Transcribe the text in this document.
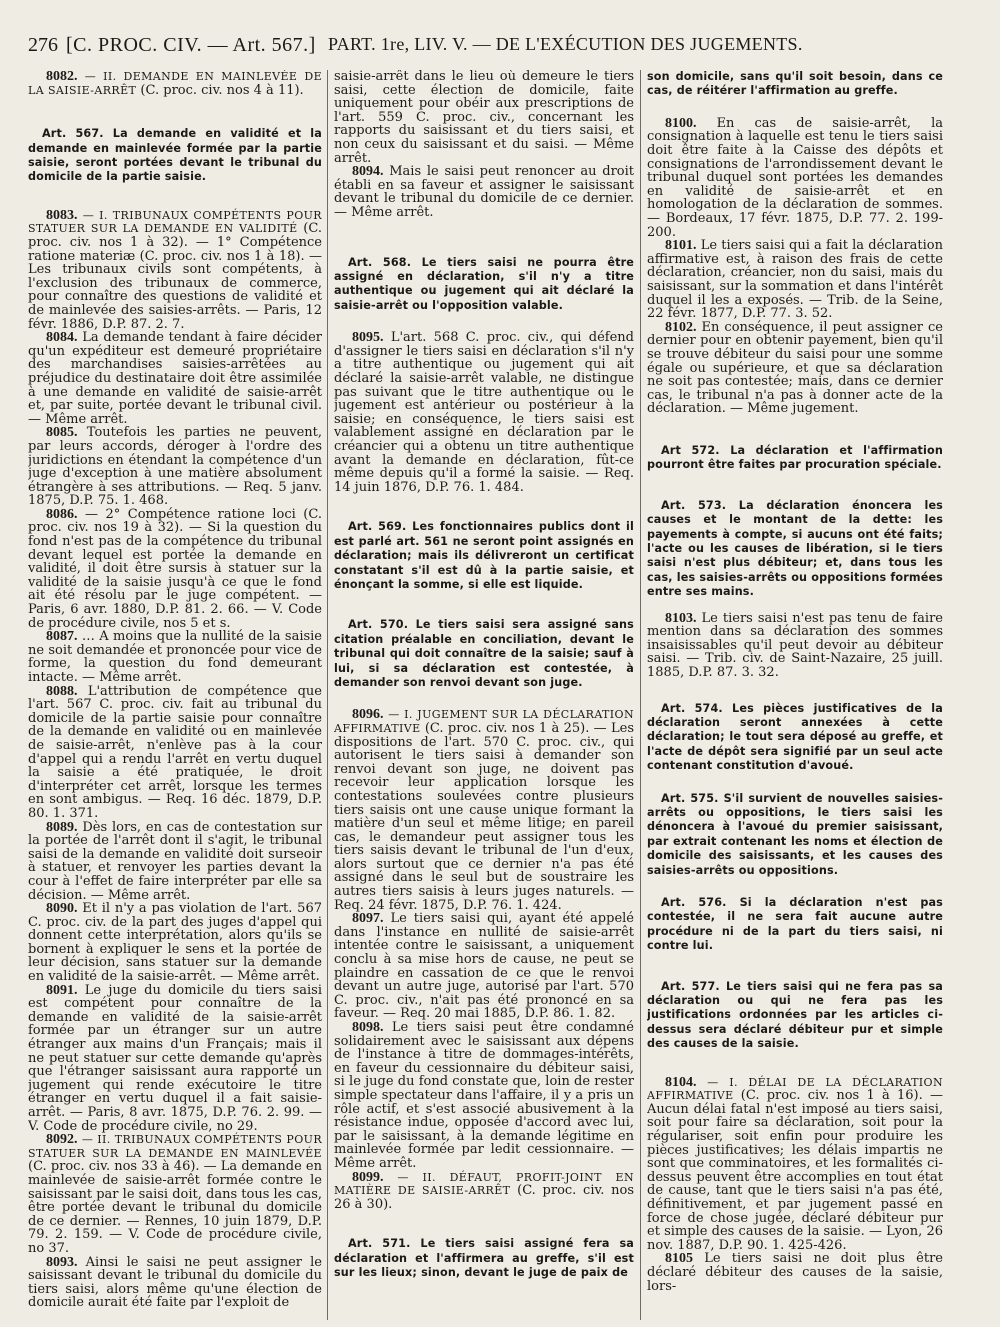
276 [C. PROC. CIV. — Art. 567.] PART. 1re, LIV. V. — DE L'EXÉCUTION DES JUGEMENTS.

8082. — II. DEMANDE EN MAINLEVÉE DE LA SAISIE-ARRÊT (C. proc. civ. nos 4 à 11).

Art. 567. La demande en validité et la demande en mainlevée formée par la partie saisie, seront portées devant le tribunal du domicile de la partie saisie.

8083. — I. TRIBUNAUX COMPÉTENTS POUR STATUER SUR LA DEMANDE EN VALIDITÉ (C. proc. civ. nos 1 à 32). — 1° Compétence ratione materiæ (C. proc. civ. nos 1 à 18). — Les tribunaux civils sont compétents, à l'exclusion des tribunaux de commerce, pour connaître des questions de validité et de mainlevée des saisies-arrêts. — Paris, 12 févr. 1886, D.P. 87. 2. 7.

8084. La demande tendant à faire décider qu'un expéditeur est demeuré propriétaire des marchandises saisies-arrêtées au préjudice du destinataire doit être assimilée à une demande en validité de saisie-arrêt et, par suite, portée devant le tribunal civil. — Même arrêt.

8085. Toutefois les parties ne peuvent, par leurs accords, déroger à l'ordre des juridictions en étendant la compétence d'un juge d'exception à une matière absolument étrangère à ses attributions. — Req. 5 janv. 1875, D.P. 75. 1. 468.

8086. — 2° Compétence ratione loci (C. proc. civ. nos 19 à 32). — Si la question du fond n'est pas de la compétence du tribunal devant lequel est portée la demande en validité, il doit être sursis à statuer sur la validité de la saisie jusqu'à ce que le fond ait été résolu par le juge compétent. — Paris, 6 avr. 1880, D.P. 81. 2. 66. — V. Code de procédure civile, nos 5 et s.

8087. … A moins que la nullité de la saisie ne soit demandée et prononcée pour vice de forme, la question du fond demeurant intacte. — Même arrêt.

8088. L'attribution de compétence que l'art. 567 C. proc. civ. fait au tribunal du domicile de la partie saisie pour connaître de la demande en validité ou en mainlevée de saisie-arrêt, n'enlève pas à la cour d'appel qui a rendu l'arrêt en vertu duquel la saisie a été pratiquée, le droit d'interpréter cet arrêt, lorsque les termes en sont ambigus. — Req. 16 déc. 1879, D.P. 80. 1. 371.

8089. Dès lors, en cas de contestation sur la portée de l'arrêt dont il s'agit, le tribunal saisi de la demande en validité doit surseoir à statuer, et renvoyer les parties devant la cour à l'effet de faire interpréter par elle sa décision. — Même arrêt.

8090. Et il n'y a pas violation de l'art. 567 C. proc. civ. de la part des juges d'appel qui donnent cette interprétation, alors qu'ils se bornent à expliquer le sens et la portée de leur décision, sans statuer sur la demande en validité de la saisie-arrêt. — Même arrêt.

8091. Le juge du domicile du tiers saisi est compétent pour connaître de la demande en validité de la saisie-arrêt formée par un étranger sur un autre étranger aux mains d'un Français; mais il ne peut statuer sur cette demande qu'après que l'étranger saisissant aura rapporté un jugement qui rende exécutoire le titre étranger en vertu duquel il a fait saisie-arrêt. — Paris, 8 avr. 1875, D.P. 76. 2. 99. — V. Code de procédure civile, no 29.

8092. — II. TRIBUNAUX COMPÉTENTS POUR STATUER SUR LA DEMANDE EN MAINLEVÉE (C. proc. civ. nos 33 à 46). — La demande en mainlevée de saisie-arrêt formée contre le saisissant par le saisi doit, dans tous les cas, être portée devant le tribunal du domicile de ce dernier. — Rennes, 10 juin 1879, D.P. 79. 2. 159. — V. Code de procédure civile, no 37.

8093. Ainsi le saisi ne peut assigner le saisissant devant le tribunal du domicile du tiers saisi, alors même qu'une élection de domicile aurait été faite par l'exploit de

saisie-arrêt dans le lieu où demeure le tiers saisi, cette élection de domicile, faite uniquement pour obéir aux prescriptions de l'art. 559 C. proc. civ., concernant les rapports du saisissant et du tiers saisi, et non ceux du saisissant et du saisi. — Même arrêt.

8094. Mais le saisi peut renoncer au droit établi en sa faveur et assigner le saisissant devant le tribunal du domicile de ce dernier. — Même arrêt.

Art. 568. Le tiers saisi ne pourra être assigné en déclaration, s'il n'y a titre authentique ou jugement qui ait déclaré la saisie-arrêt ou l'opposition valable.

8095. L'art. 568 C. proc. civ., qui défend d'assigner le tiers saisi en déclaration s'il n'y a titre authentique ou jugement qui ait déclaré la saisie-arrêt valable, ne distingue pas suivant que le titre authentique ou le jugement est antérieur ou postérieur à la saisie; en conséquence, le tiers saisi est valablement assigné en déclaration par le créancier qui a obtenu un titre authentique avant la demande en déclaration, fût-ce même depuis qu'il a formé la saisie. — Req. 14 juin 1876, D.P. 76. 1. 484.

Art. 569. Les fonctionnaires publics dont il est parlé art. 561 ne seront point assignés en déclaration; mais ils délivreront un certificat constatant s'il est dû à la partie saisie, et énonçant la somme, si elle est liquide.
Art. 570. Le tiers saisi sera assigné sans citation préalable en conciliation, devant le tribunal qui doit connaître de la saisie; sauf à lui, si sa déclaration est contestée, à demander son renvoi devant son juge.

8096. — I. JUGEMENT SUR LA DÉCLARATION AFFIRMATIVE (C. proc. civ. nos 1 à 25). — Les dispositions de l'art. 570 C. proc. civ., qui autorisent le tiers saisi à demander son renvoi devant son juge, ne doivent pas recevoir leur application lorsque les contestations soulevées contre plusieurs tiers saisis ont une cause unique formant la matière d'un seul et même litige; en pareil cas, le demandeur peut assigner tous les tiers saisis devant le tribunal de l'un d'eux, alors surtout que ce dernier n'a pas été assigné dans le seul but de soustraire les autres tiers saisis à leurs juges naturels. — Req. 24 févr. 1875, D.P. 76. 1. 424.

8097. Le tiers saisi qui, ayant été appelé dans l'instance en nullité de saisie-arrêt intentée contre le saisissant, a uniquement conclu à sa mise hors de cause, ne peut se plaindre en cassation de ce que le renvoi devant un autre juge, autorisé par l'art. 570 C. proc. civ., n'ait pas été prononcé en sa faveur. — Req. 20 mai 1885, D.P. 86. 1. 82.

8098. Le tiers saisi peut être condamné solidairement avec le saisissant aux dépens de l'instance à titre de dommages-intérêts, en faveur du cessionnaire du débiteur saisi, si le juge du fond constate que, loin de rester simple spectateur dans l'affaire, il y a pris un rôle actif, et s'est associé abusivement à la résistance indue, opposée d'accord avec lui, par le saisissant, à la demande légitime en mainlevée formée par ledit cessionnaire. — Même arrêt.

8099. — II. DÉFAUT, PROFIT-JOINT EN MATIÈRE DE SAISIE-ARRÊT (C. proc. civ. nos 26 à 30).

Art. 571. Le tiers saisi assigné fera sa déclaration et l'affirmera au greffe, s'il est sur les lieux; sinon, devant le juge de paix de
son domicile, sans qu'il soit besoin, dans ce cas, de réitérer l'affirmation au greffe.

8100. En cas de saisie-arrêt, la consignation à laquelle est tenu le tiers saisi doit être faite à la Caisse des dépôts et consignations de l'arrondissement devant le tribunal duquel sont portées les demandes en validité de saisie-arrêt et en homologation de la déclaration de sommes. — Bordeaux, 17 févr. 1875, D.P. 77. 2. 199-200.

8101. Le tiers saisi qui a fait la déclaration affirmative est, à raison des frais de cette déclaration, créancier, non du saisi, mais du saisissant, sur la sommation et dans l'intérêt duquel il les a exposés. — Trib. de la Seine, 22 févr. 1877, D.P. 77. 3. 52.

8102. En conséquence, il peut assigner ce dernier pour en obtenir payement, bien qu'il se trouve débiteur du saisi pour une somme égale ou supérieure, et que sa déclaration ne soit pas contestée; mais, dans ce dernier cas, le tribunal n'a pas à donner acte de la déclaration. — Même jugement.

Art 572. La déclaration et l'affirmation pourront être faites par procuration spéciale.
Art. 573. La déclaration énoncera les causes et le montant de la dette: les payements à compte, si aucuns ont été faits; l'acte ou les causes de libération, si le tiers saisi n'est plus débiteur; et, dans tous les cas, les saisies-arrêts ou oppositions formées entre ses mains.

8103. Le tiers saisi n'est pas tenu de faire mention dans sa déclaration des sommes insaisissables qu'il peut devoir au débiteur saisi. — Trib. civ. de Saint-Nazaire, 25 juill. 1885, D.P. 87. 3. 32.

Art. 574. Les pièces justificatives de la déclaration seront annexées à cette déclaration; le tout sera déposé au greffe, et l'acte de dépôt sera signifié par un seul acte contenant constitution d'avoué.
Art. 575. S'il survient de nouvelles saisies-arrêts ou oppositions, le tiers saisi les dénoncera à l'avoué du premier saisissant, par extrait contenant les noms et élection de domicile des saisissants, et les causes des saisies-arrêts ou oppositions.
Art. 576. Si la déclaration n'est pas contestée, il ne sera fait aucune autre procédure ni de la part du tiers saisi, ni contre lui.
Art. 577. Le tiers saisi qui ne fera pas sa déclaration ou qui ne fera pas les justifications ordonnées par les articles ci-dessus sera déclaré débiteur pur et simple des causes de la saisie.

8104. — I. DÉLAI DE LA DÉCLARATION AFFIRMATIVE (C. proc. civ. nos 1 à 16). — Aucun délai fatal n'est imposé au tiers saisi, soit pour faire sa déclaration, soit pour la régulariser, soit enfin pour produire les pièces justificatives; les délais impartis ne sont que comminatoires, et les formalités ci-dessus peuvent être accomplies en tout état de cause, tant que le tiers saisi n'a pas été, définitivement, et par jugement passé en force de chose jugée, déclaré débiteur pur et simple des causes de la saisie. — Lyon, 26 nov. 1887, D.P. 90. 1. 425-426.

8105 Le tiers saisi ne doit plus être déclaré débiteur des causes de la saisie, lors-
